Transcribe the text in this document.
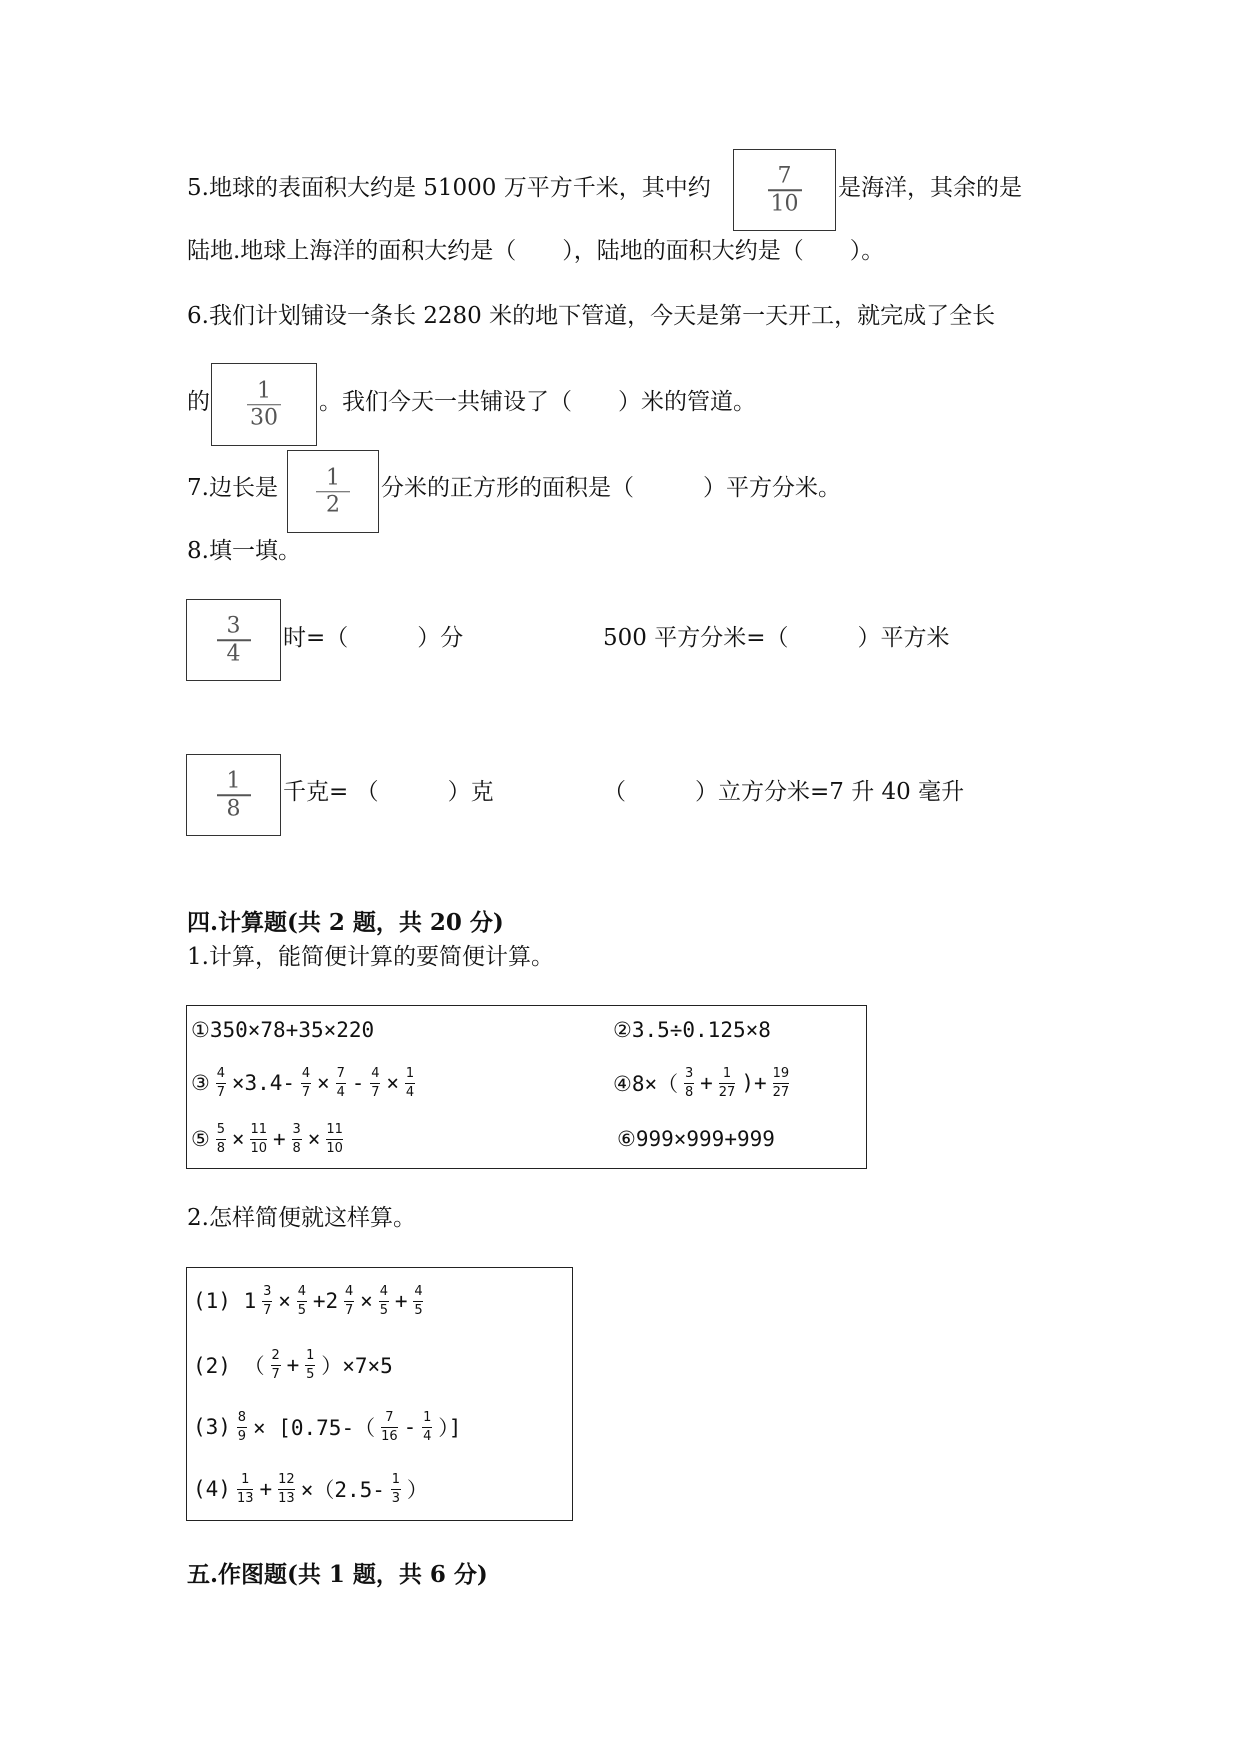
5.地球的表面积大约是 51000 万平方千米，其中约	7
10
是海洋，其余的是
陆地.地球上海洋的面积大约是（　　），陆地的面积大约是（　　）。
6.我们计划铺设一条长 2280 米的地下管道，今天是第一天开工，就完成了全长
的 1
30
。我们今天一共铺设了（　　）米的管道。
7.边长是 1
2
分米的正方形的面积是（　　　）平方分米。
8.填一填。
3
4
时=（　　　）分	500 平方分米=（　　　）平方米
1
8
千克= （　　　）克	（　　　）立方分米=7 升 40 毫升
四.计算题(共 2 题，共 20 分)
1.计算，能简便计算的要简便计算。
①350×78+35×220	②3.5÷0.125×8
③ 4
7 ×3.4- 4
7 × 7
4 - 4
7 × 1
4	④8×（ 3
8 + 1
27 )+ 19
27
⑤ 5
8 × 11
10 + 3
8 × 11
10	⑥999×999+999
2.怎样简便就这样算。
(1) 1 3
7 × 4
5 +2 4
7 × 4
5 + 4
5
(2) （ 2
7 + 1
5 ）×7×5
(3) 8
9 × [0.75-（ 7
16 - 1
4 ）]
(4) 1
13 + 12
13 ×（2.5- 1
3 ）
五.作图题(共 1 题，共 6 分)
